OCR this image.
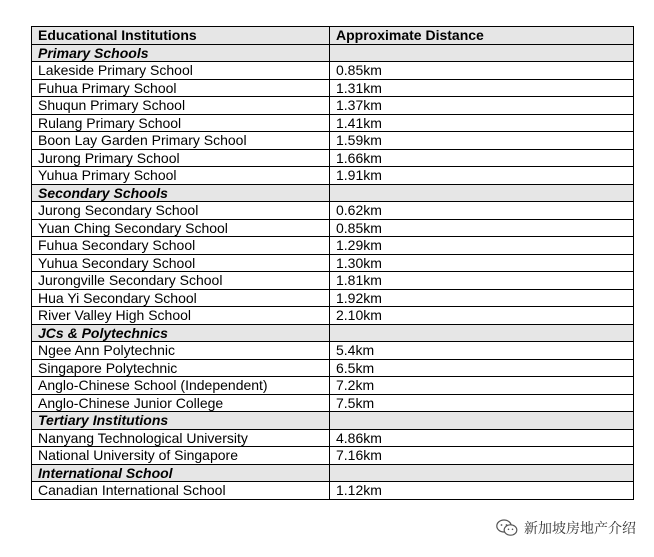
Educational Institutions	Approximate Distance
Primary Schools	
Lakeside Primary School	0.85km
Fuhua Primary School	1.31km
Shuqun Primary School	1.37km
Rulang Primary School	1.41km
Boon Lay Garden Primary School	1.59km
Jurong Primary School	1.66km
Yuhua Primary School	1.91km
Secondary Schools	
Jurong Secondary School	0.62km
Yuan Ching Secondary School	0.85km
Fuhua Secondary School	1.29km
Yuhua Secondary School	1.30km
Jurongville Secondary School	1.81km
Hua Yi Secondary School	1.92km
River Valley High School	2.10km
JCs & Polytechnics	
Ngee Ann Polytechnic	5.4km
Singapore Polytechnic	6.5km
Anglo-Chinese School (Independent)	7.2km
Anglo-Chinese Junior College	7.5km
Tertiary Institutions	
Nanyang Technological University	4.86km
National University of Singapore	7.16km
International School	
Canadian International School	1.12km
新加坡房地产介绍
